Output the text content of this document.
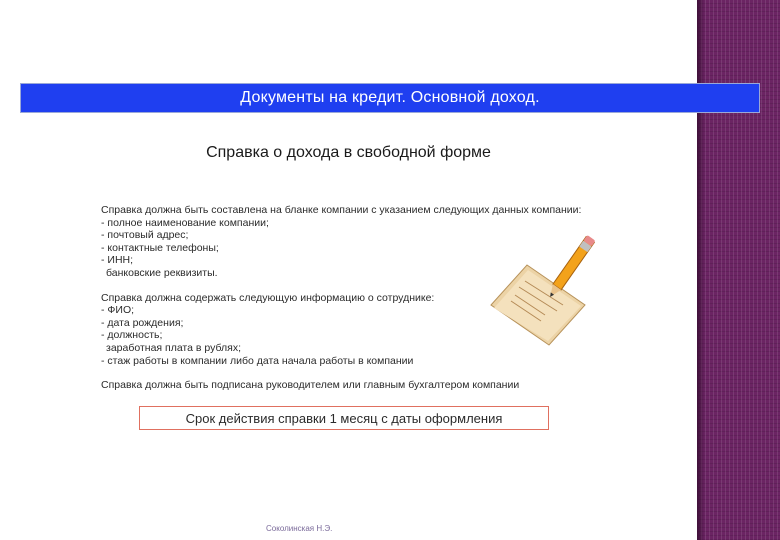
Документы на кредит. Основной доход.
Справка о дохода в свободной форме
Справка должна быть составлена на бланке компании с указанием следующих данных компании:
- полное наименование компании;
- почтовый адрес;
- контактные телефоны;
- ИНН;
банковские реквизиты.
Справка должна содержать следующую информацию о сотруднике:
- ФИО;
- дата рождения;
- должность;
заработная плата в рублях;
- стаж работы в компании либо дата начала работы в компании
Справка должна быть подписана руководителем или главным бухгалтером компании
Срок действия справки 1 месяц с даты оформления
Соколинская Н.Э.
